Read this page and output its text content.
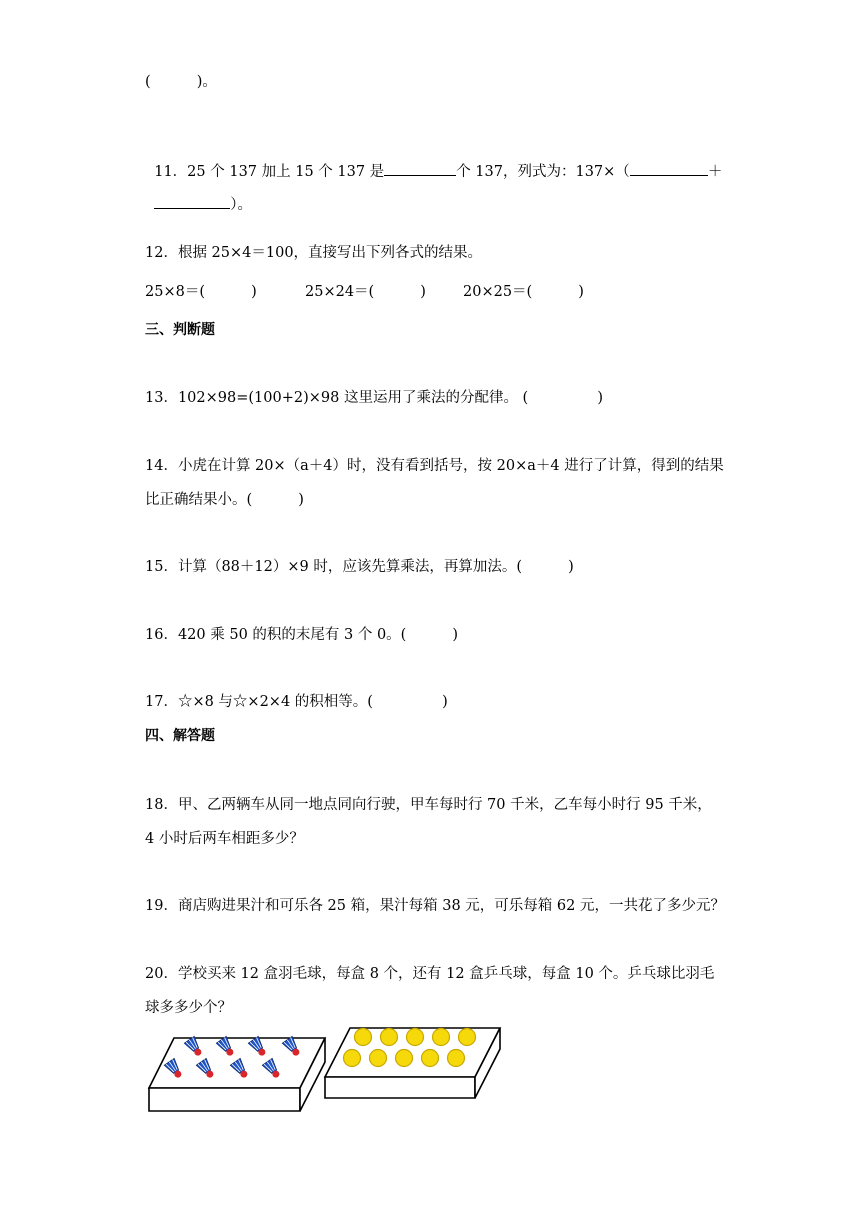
(          )。

11．25 个 137 加上 15 个 137 是	个 137，列式为：137×（	＋

）。

12．根据 25×4＝100，直接写出下列各式的结果。
25×8＝(          )	25×24＝(          )	20×25＝(          )
三、判断题
13．102×98=(100+2)×98 这里运用了乘法的分配律。 (               )
14．小虎在计算 20×（a＋4）时，没有看到括号，按 20×a＋4 进行了计算，得到的结果
比正确结果小。(          )
15．计算（88＋12）×9 时，应该先算乘法，再算加法。(          )
16．420 乘 50 的积的末尾有 3 个 0。(          )
17．☆×8 与☆×2×4 的积相等。(               )
四、解答题
18．甲、乙两辆车从同一地点同向行驶，甲车每时行 70 千米，乙车每小时行 95 千米，
4 小时后两车相距多少？
19．商店购进果汁和可乐各 25 箱，果汁每箱 38 元，可乐每箱 62 元，一共花了多少元？
20．学校买来 12 盒羽毛球，每盒 8 个，还有 12 盒乒乓球，每盒 10 个。乒乓球比羽毛
球多多少个？
